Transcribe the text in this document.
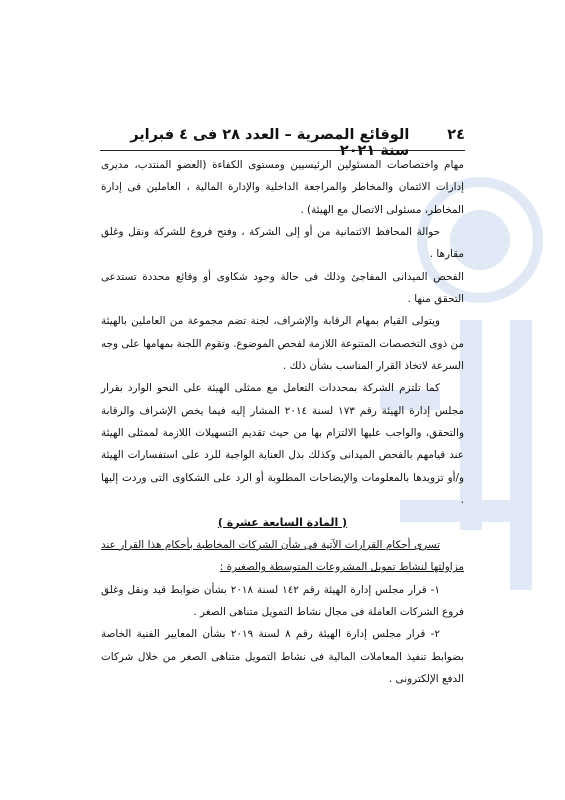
٢٤
الوقائع المصرية – العدد ٢٨ فى ٤ فبراير سنة ٢٠٢١

مهام واختصاصات المسئولين الرئيسيين ومستوى الكفاءة (العضو المنتدب، مديرى إدارات الائتمان والمخاطر والمراجعة الداخلية والإدارة المالية ، العاملين فى إدارة المخاطر، مسئولى الاتصال مع الهيئة) .

حوالة المحافظ الائتمانية من أو إلى الشركة ، وفتح فروع للشركة ونقل وغلق مقارها .

الفحص الميدانى المفاجئ وذلك فى حالة وجود شكاوى أو وقائع محددة تستدعى التحقق منها .

ويتولى القيام بمهام الرقابة والإشراف، لجنة تضم مجموعة من العاملين بالهيئة من ذوى التخصصات المتنوعة اللازمة لفحص الموضوع. وتقوم اللجنة بمهامها على وجه السرعة لاتخاذ القرار المناسب بشأن ذلك .

كما تلتزم الشركة بمحددات التعامل مع ممثلى الهيئة على النحو الوارد بقرار مجلس إدارة الهيئة رقم ١٧٣ لسنة ٢٠١٤ المشار إليه فيما يخص الإشراف والرقابة والتحقق، والواجب عليها الالتزام بها من حيث تقديم التسهيلات اللازمة لممثلى الهيئة عند قيامهم بالفحص الميدانى وكذلك بذل العناية الواجبة للرد على استفسارات الهيئة و/أو تزويدها بالمعلومات والإيضاحات المطلوبة أو الرد على الشكاوى التى وردت إليها .

( المادة السابعة عشرة )

تسرى أحكام القرارات الآتية فى شأن الشركات المخاطبة بأحكام هذا القرار عند مزاولتها لنشاط تمويل المشروعات المتوسطة والصغيرة :

١- قرار مجلس إدارة الهيئة رقم ١٤٢ لسنة ٢٠١٨ بشأن ضوابط قيد ونقل وغلق فروع الشركات العاملة فى مجال نشاط التمويل متناهى الصغر .

٢- قرار مجلس إدارة الهيئة رقم ٨ لسنة ٢٠١٩ بشأن المعايير الفنية الخاصة بضوابط تنفيذ المعاملات المالية فى نشاط التمويل متناهى الصغر من خلال شركات الدفع الإلكترونى .
